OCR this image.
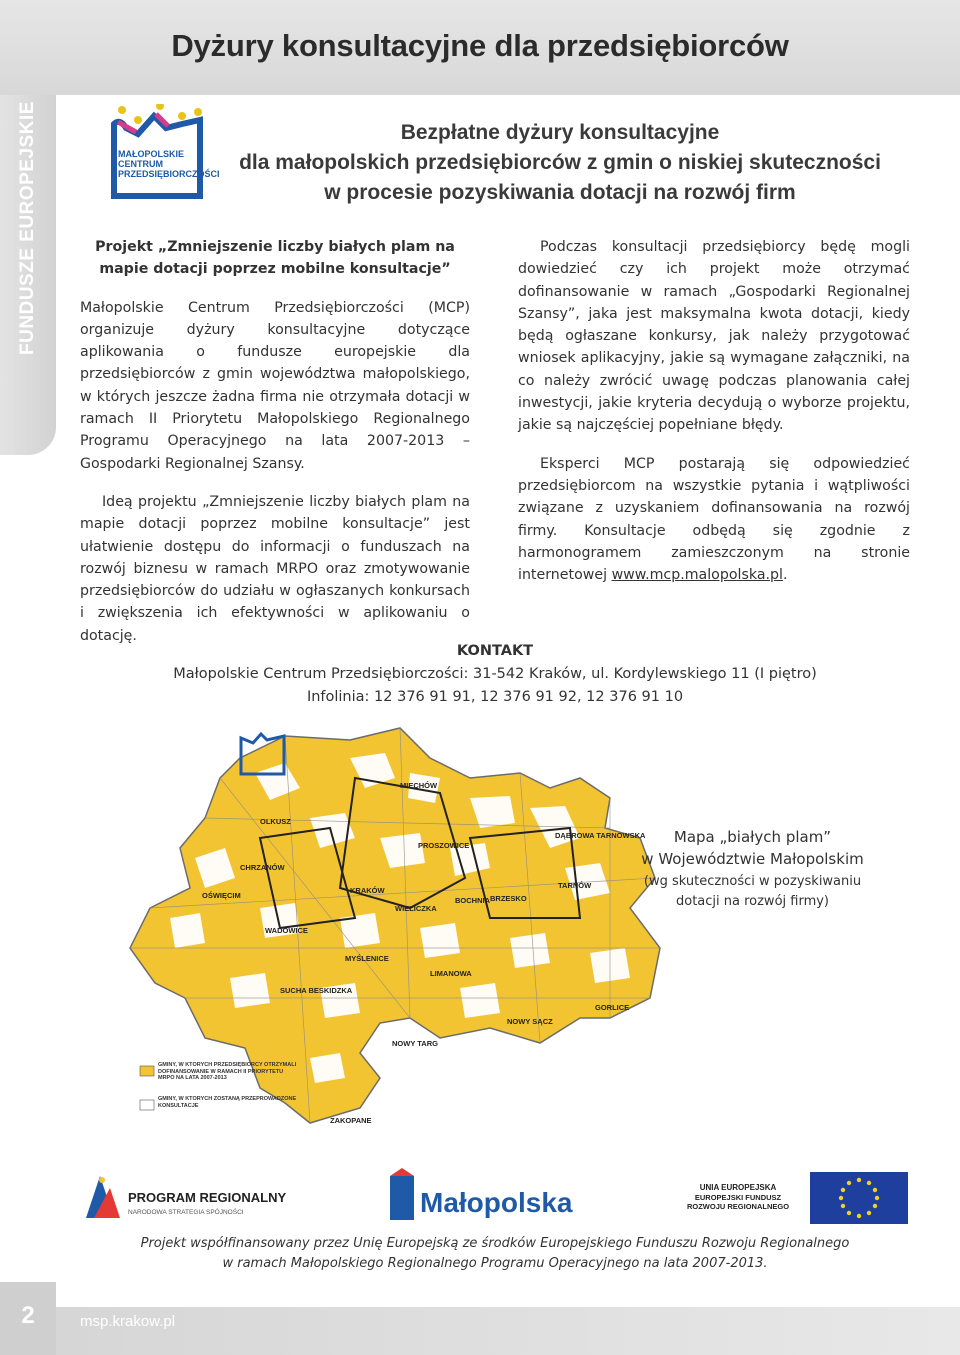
Dyżury konsultacyjne dla przedsiębiorców
FUNDUSZE EUROPEJSKIE	MAŁOPOLSKIE
CENTRUM
PRZEDSIĘBIORCZOŚCI
Bezpłatne dyżury konsultacyjne
dla małopolskich przedsiębiorców z gmin o niskiej skuteczności
w procesie pozyskiwania dotacji na rozwój firm

Projekt „Zmniejszenie liczby białych plam na mapie dotacji poprzez mobilne konsultacje”

Małopolskie Centrum Przedsiębiorczości (MCP) organizuje dyżury konsultacyjne dotyczące aplikowania o fundusze europejskie dla przedsiębiorców z gmin województwa małopolskiego, w których jeszcze żadna firma nie otrzymała dotacji w ramach II Priorytetu Małopolskiego Regionalnego Programu Operacyjnego na lata 2007-2013 – Gospodarki Regionalnej Szansy.

Ideą projektu „Zmniejszenie liczby białych plam na mapie dotacji poprzez mobilne konsultacje” jest ułatwienie dostępu do informacji o funduszach na rozwój biznesu w ramach MRPO oraz zmotywowanie przedsiębiorców do udziału w ogłaszanych konkursach i zwiększenia ich efektywności w aplikowaniu o dotację.

Podczas konsultacji przedsiębiorcy będę mogli dowiedzieć czy ich projekt może otrzymać dofinansowanie w ramach „Gospodarki Regionalnej Szansy”, jaka jest maksymalna kwota dotacji, kiedy będą ogłaszane konkursy, jak należy przygotować wniosek aplikacyjny, jakie są wymagane załączniki, na co należy zwrócić uwagę podczas planowania całej inwestycji, jakie kryteria decydują o wyborze projektu, jakie są najczęściej popełniane błędy.

Eksperci MCP postarają się odpowiedzieć przedsiębiorcom na wszystkie pytania i wątpliwości związane z uzyskaniem dofinansowania na rozwój firmy. Konsultacje odbędą się zgodnie z harmonogramem zamieszczonym na stronie internetowej www.mcp.malopolska.pl.

KONTAKT
Małopolskie Centrum Przedsiębiorczości: 31-542 Kraków, ul. Kordylewskiego 11 (I piętro)
Infolinia: 12 376 91 91, 12 376 91 92, 12 376 91 10
MIECHÓW
OLKUSZ
PROSZOWICE
DĄBROWA TARNOWSKA
CHRZANÓW
KRAKÓW
WIELICZKA
BOCHNIA BRZESKO
TARNÓW
OŚWIĘCIM
WADOWICE
MYŚLENICE
LIMANOWA
SUCHA BESKIDZKA
NOWY SĄCZ
GORLICE
NOWY TARG
ZAKOPANE
GMINY, W KTÓRYCH PRZEDSIĘBIORCY OTRZYMALI DOFINANSOWANIE W RAMACH II PRIORYTETU MRPO NA LATA 2007-2013
GMINY, W KTÓRYCH ZOSTANĄ PRZEPROWADZONE KONSULTACJE
Mapa „białych plam”
w Województwie Małopolskim
(wg skuteczności w pozyskiwaniu dotacji na rozwój firmy)
PROGRAM REGIONALNY
NARODOWA STRATEGIA SPÓJNOŚCI	Małopolska	UNIA EUROPEJSKA
EUROPEJSKI FUNDUSZ
ROZWOJU REGIONALNEGO
Projekt współfinansowany przez Unię Europejską ze środków Europejskiego Funduszu Rozwoju Regionalnego
w ramach Małopolskiego Regionalnego Programu Operacyjnego na lata 2007-2013.
2	msp.krakow.pl
